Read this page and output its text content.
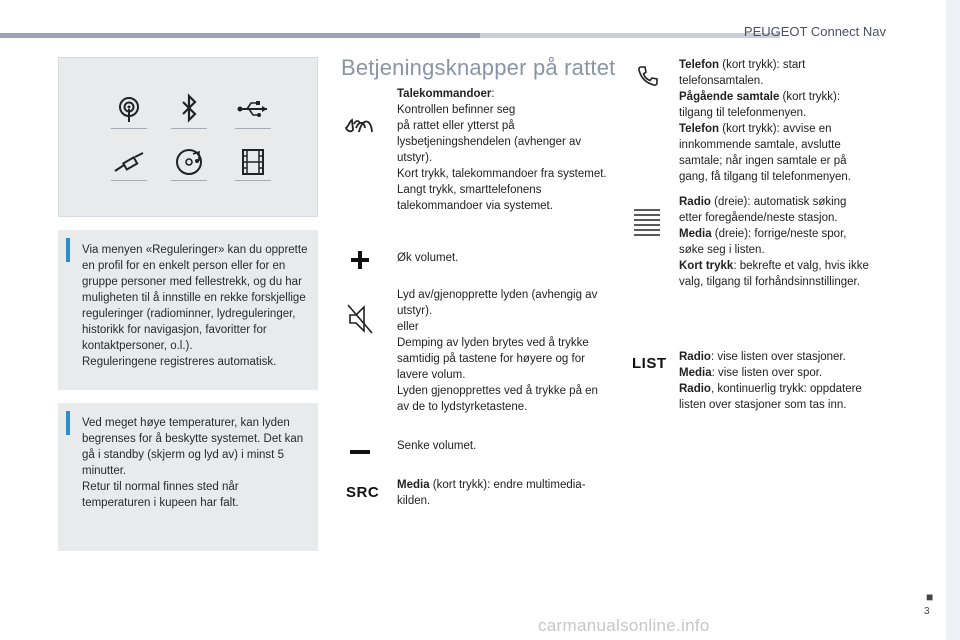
PEUGEOT Connect Nav

Via menyen «Reguleringer» kan du opprette en profil for en enkelt person eller for en gruppe personer med fellestrekk, og du har muligheten til å innstille en rekke forskjellige reguleringer (radiominner, lydreguleringer, historikk for navigasjon, favoritter for kontaktpersoner, o.l.).
Reguleringene registreres automatisk.

Ved meget høye temperaturer, kan lyden begrenses for å beskytte systemet. Det kan gå i standby (skjerm og lyd av) i minst 5 minutter.
Retur til normal finnes sted når temperaturen i kupeen har falt.

Betjeningsknapper på rattet
Talekommandoer:
Kontrollen befinner seg
på rattet eller ytterst på lysbetjeningshendelen (avhenger av utstyr).
Kort trykk, talekommandoer fra systemet.
Langt trykk, smarttelefonens talekommandoer via systemet.
Øk volumet.
Lyd av/gjenopprette lyden (avhengig av utstyr).
eller
Demping av lyden brytes ved å trykke samtidig på tastene for høyere og for lavere volum.
Lyden gjenopprettes ved å trykke på en av de to lydstyrketastene.
Senke volumet.
SRC Media (kort trykk): endre multimedia-kilden.
Telefon (kort trykk): start telefonsamtalen.
Pågående samtale (kort trykk): tilgang til telefonmenyen.
Telefon (kort trykk): avvise en innkommende samtale, avslutte samtale; når ingen samtale er på gang, få tilgang til telefonmenyen.
Radio (dreie): automatisk søking etter foregående/neste stasjon.
Media (dreie): forrige/neste spor, søke seg i listen.
Kort trykk: bekrefte et valg, hvis ikke valg, tilgang til forhåndsinnstillinger.
LIST Radio: vise listen over stasjoner.
Media: vise listen over spor.
Radio, kontinuerlig trykk: oppdatere listen over stasjoner som tas inn.
■
3
carmanualsonline.info
